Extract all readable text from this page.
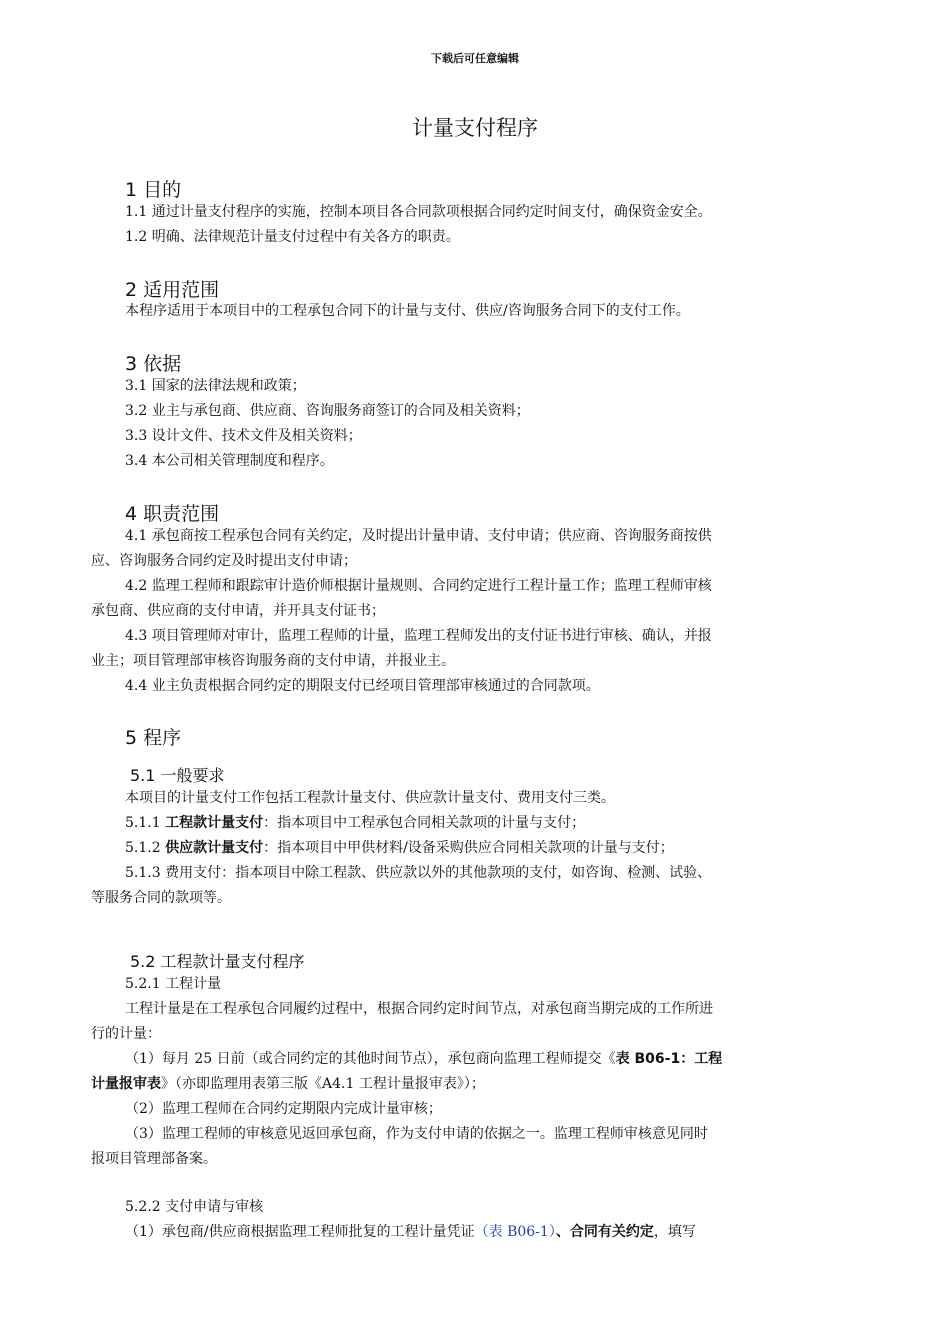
下载后可任意编辑
计量支付程序
1 目的
1.1 通过计量支付程序的实施，控制本项目各合同款项根据合同约定时间支付，确保资金安全。
1.2 明确、法律规范计量支付过程中有关各方的职责。
2 适用范围
本程序适用于本项目中的工程承包合同下的计量与支付、供应/咨询服务合同下的支付工作。
3 依据
3.1 国家的法律法规和政策；
3.2 业主与承包商、供应商、咨询服务商签订的合同及相关资料；
3.3 设计文件、技术文件及相关资料；
3.4 本公司相关管理制度和程序。
4 职责范围
4.1 承包商按工程承包合同有关约定，及时提出计量申请、支付申请；供应商、咨询服务商按供
应、咨询服务合同约定及时提出支付申请；
4.2 监理工程师和跟踪审计造价师根据计量规则、合同约定进行工程计量工作；监理工程师审核
承包商、供应商的支付申请，并开具支付证书；
4.3 项目管理师对审计，监理工程师的计量，监理工程师发出的支付证书进行审核、确认，并报
业主；项目管理部审核咨询服务商的支付申请，并报业主。
4.4 业主负责根据合同约定的期限支付已经项目管理部审核通过的合同款项。
5 程序
5.1 一般要求
本项目的计量支付工作包括工程款计量支付、供应款计量支付、费用支付三类。
5.1.1 工程款计量支付：指本项目中工程承包合同相关款项的计量与支付；
5.1.2 供应款计量支付：指本项目中甲供材料/设备采购供应合同相关款项的计量与支付；
5.1.3 费用支付：指本项目中除工程款、供应款以外的其他款项的支付，如咨询、检测、试验、
等服务合同的款项等。
5.2 工程款计量支付程序
5.2.1 工程计量
工程计量是在工程承包合同履约过程中，根据合同约定时间节点，对承包商当期完成的工作所进
行的计量：
（1）每月 25 日前（或合同约定的其他时间节点），承包商向监理工程师提交《表 B06-1：工程
计量报审表》（亦即监理用表第三版《A4.1 工程计量报审表》）；
（2）监理工程师在合同约定期限内完成计量审核；
（3）监理工程师的审核意见返回承包商，作为支付申请的依据之一。监理工程师审核意见同时
报项目管理部备案。
5.2.2 支付申请与审核
（1）承包商/供应商根据监理工程师批复的工程计量凭证（表 B06-1）、合同有关约定，填写
